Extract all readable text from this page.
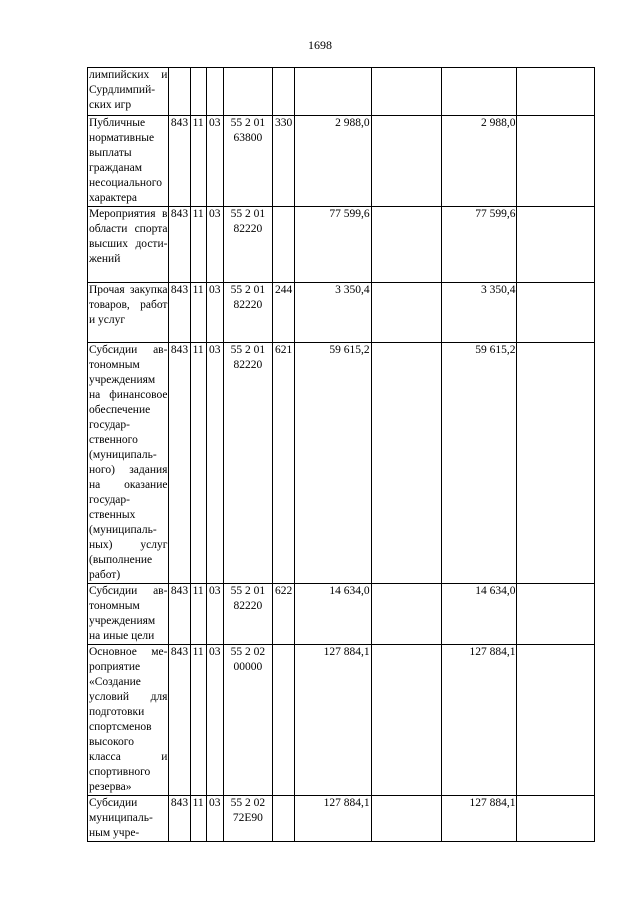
1698
лимпийских и Сурдлимпийских игр									
Публичные нормативные выплаты гражданам несоциального характера	843	11	03	55 2 01 63800	330	2 988,0		2 988,0	
Мероприятия в области спорта высших достижений	843	11	03	55 2 01 82220		77 599,6		77 599,6	
Прочая закупка товаров, работ и услуг	843	11	03	55 2 01 82220	244	3 350,4		3 350,4	
Субсидии автономным учреждениям на финансовое обеспечение государственного (муниципального) задания на оказание государственных (муниципальных) услуг (выполнение работ)	843	11	03	55 2 01 82220	621	59 615,2		59 615,2	
Субсидии автономным учреждениям на иные цели	843	11	03	55 2 01 82220	622	14 634,0		14 634,0	
Основное мероприятие «Создание условий для подготовки спортсменов высокого класса и спортивного резерва»	843	11	03	55 2 02 00000		127 884,1		127 884,1	
Субсидии муниципальным учре-	843	11	03	55 2 02 72Е90		127 884,1		127 884,1	
